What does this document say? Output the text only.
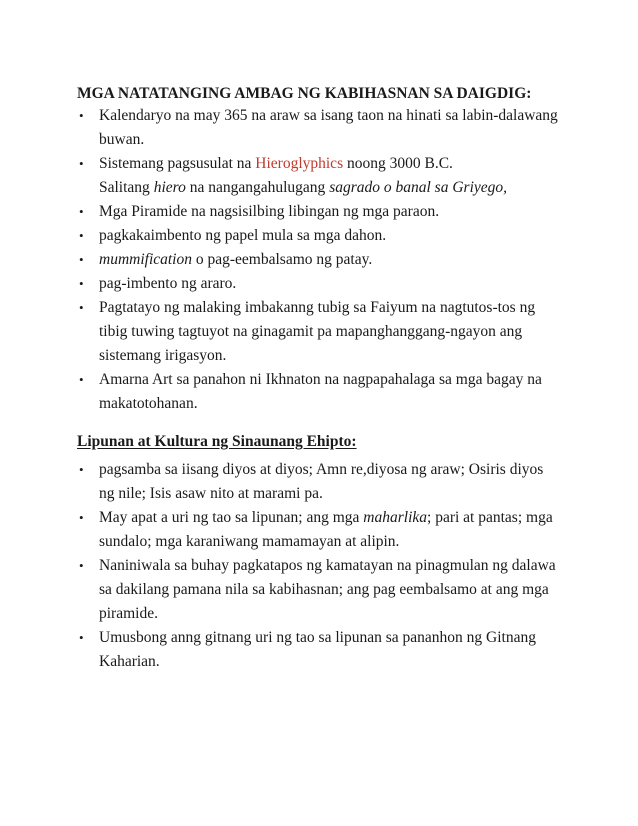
MGA NATATANGING AMBAG NG KABIHASNAN SA DAIGDIG:
• Kalendaryo na may 365 na araw sa isang taon na hinati sa labin-dalawang
buwan.
• Sistemang pagsusulat na Hieroglyphics noong 3000 B.C.
Salitang hiero na nangangahulugang sagrado o banal sa Griyego,
• Mga Piramide na nagsisilbing libingan ng mga paraon.
• pagkakaimbento ng papel mula sa mga dahon.
• mummification o pag-eembalsamo ng patay.
• pag-imbento ng araro.
• Pagtatayo ng malaking imbakanng tubig sa Faiyum na nagtutos-tos ng
tibig tuwing tagtuyot na ginagamit pa mapanghanggang-ngayon ang
sistemang irigasyon.
• Amarna Art sa panahon ni Ikhnaton na nagpapahalaga sa mga bagay na
makatotohanan.
Lipunan at Kultura ng Sinaunang Ehipto:
• pagsamba sa iisang diyos at diyos; Amn re,diyosa ng araw; Osiris diyos
ng nile; Isis asaw nito at marami pa.
• May apat a uri ng tao sa lipunan; ang mga maharlika; pari at pantas; mga
sundalo; mga karaniwang mamamayan at alipin.
• Naniniwala sa buhay pagkatapos ng kamatayan na pinagmulan ng dalawa
sa dakilang pamana nila sa kabihasnan; ang pag eembalsamo at ang mga
piramide.
• Umusbong anng gitnang uri ng tao sa lipunan sa pananhon ng Gitnang
Kaharian.
